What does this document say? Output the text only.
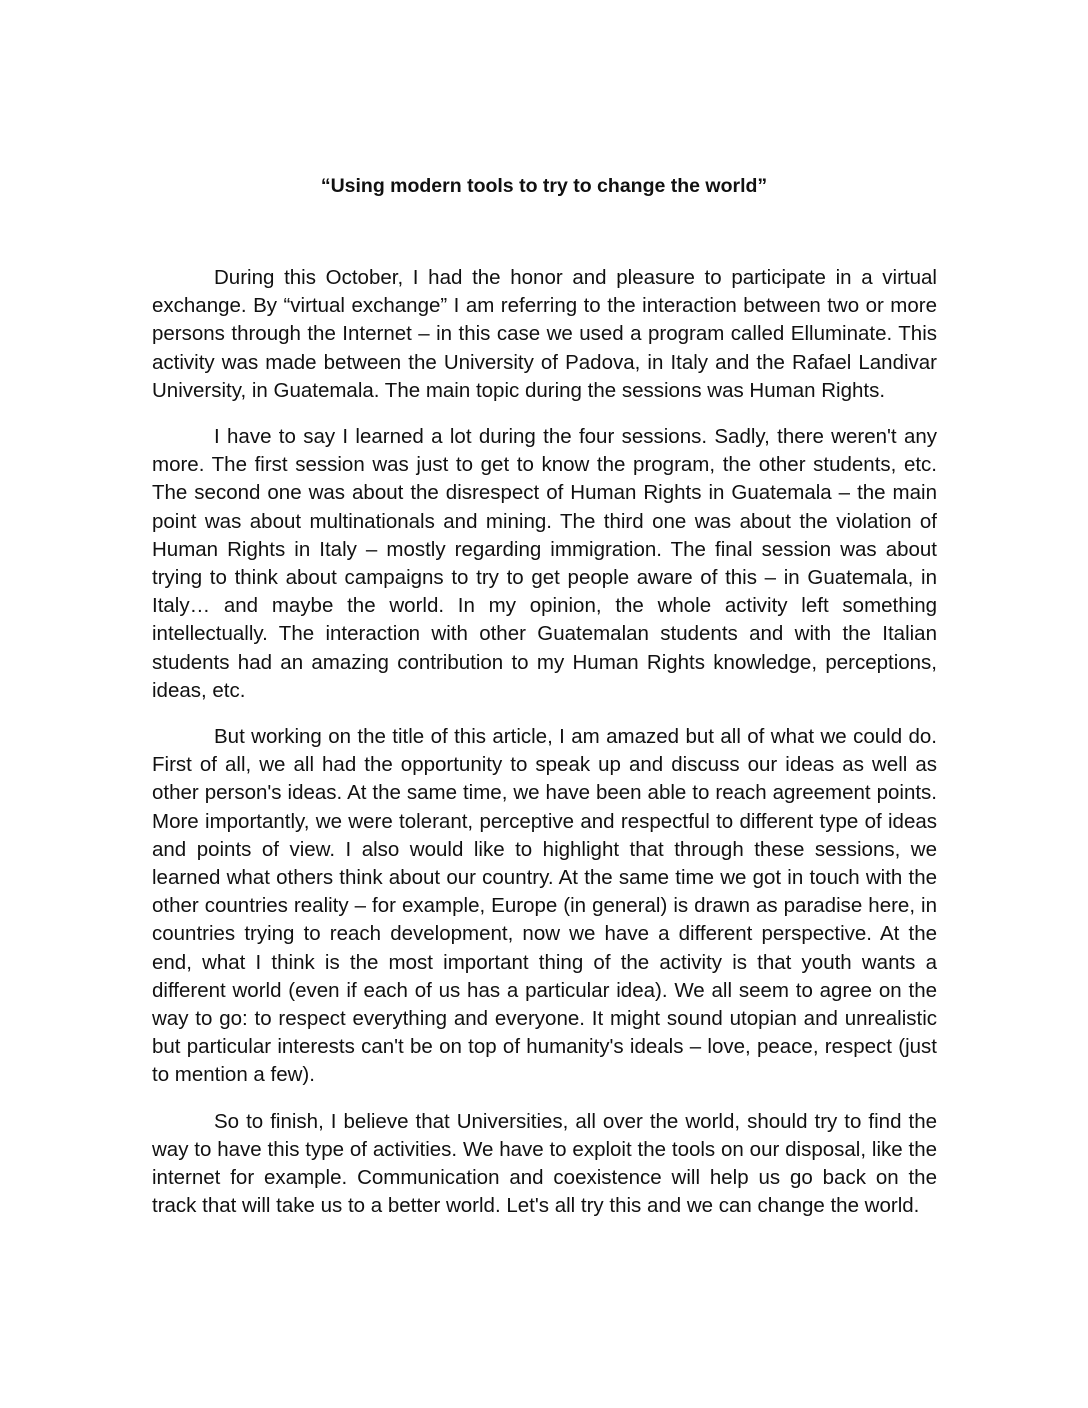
“Using modern tools to try to change the world”

During this October, I had the honor and pleasure to participate in a virtual exchange. By “virtual exchange” I am referring to the interaction between two or more persons through the Internet – in this case we used a program called Elluminate. This activity was made between the University of Padova, in Italy and the Rafael Landivar University, in Guatemala. The main topic during the sessions was Human Rights.

I have to say I learned a lot during the four sessions. Sadly, there weren't any more. The first session was just to get to know the program, the other students, etc. The second one was about the disrespect of Human Rights in Guatemala – the main point was about multinationals and mining. The third one was about the violation of Human Rights in Italy – mostly regarding immigration. The final session was about trying to think about campaigns to try to get people aware of this – in Guatemala, in Italy… and maybe the world. In my opinion, the whole activity left something intellectually. The interaction with other Guatemalan students and with the Italian students had an amazing contribution to my Human Rights knowledge, perceptions, ideas, etc.

But working on the title of this article, I am amazed but all of what we could do. First of all, we all had the opportunity to speak up and discuss our ideas as well as other person's ideas. At the same time, we have been able to reach agreement points. More importantly, we were tolerant, perceptive and respectful to different type of ideas and points of view. I also would like to highlight that through these sessions, we learned what others think about our country. At the same time we got in touch with the other countries reality – for example, Europe (in general) is drawn as paradise here, in countries trying to reach development, now we have a different perspective. At the end, what I think is the most important thing of the activity is that youth wants a different world (even if each of us has a particular idea). We all seem to agree on the way to go: to respect everything and everyone. It might sound utopian and unrealistic but particular interests can't be on top of humanity's ideals – love, peace, respect (just to mention a few).

So to finish, I believe that Universities, all over the world, should try to find the way to have this type of activities. We have to exploit the tools on our disposal, like the internet for example. Communication and coexistence will help us go back on the track that will take us to a better world. Let's all try this and we can change the world.
